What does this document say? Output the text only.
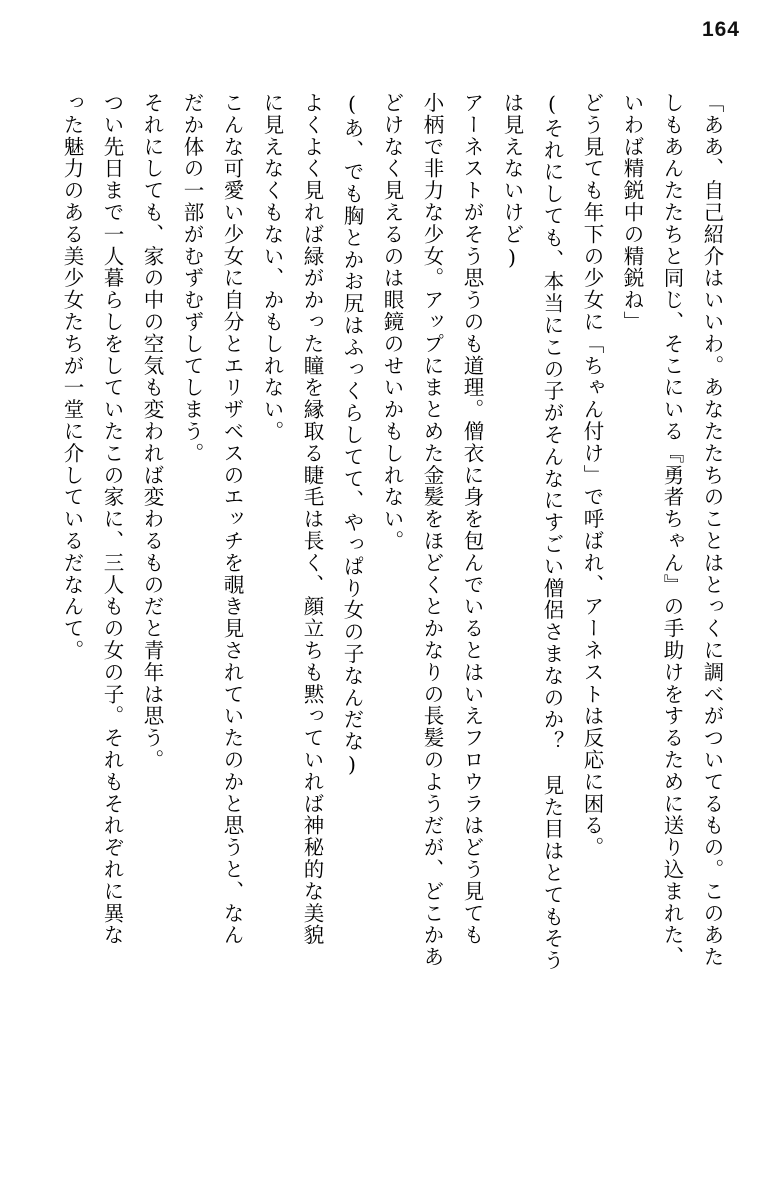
164
「ああ、自己紹介はいいわ。あなたたちのことはとっくに調べがついてるもの。このあた
しもあんたたちと同じ、そこにいる『勇者ちゃん』の手助けをするために送り込まれた、
いわば精鋭中の精鋭ね」
どう見ても年下の少女に「ちゃん付け」で呼ばれ、アーネストは反応に困る。
(それにしても、本当にこの子がそんなにすごい僧侶さまなのか？　見た目はとてもそう
は見えないけど)
アーネストがそう思うのも道理。僧衣に身を包んでいるとはいえフロウラはどう見ても
小柄で非力な少女。アップにまとめた金髪をほどくとかなりの長髪のようだが、どこかあ
どけなく見えるのは眼鏡のせいかもしれない。
(あ、でも胸とかお尻はふっくらしてて、やっぱり女の子なんだな)
よくよく見れば緑がかった瞳を縁取る睫毛は長く、顔立ちも黙っていれば神秘的な美貌
に見えなくもない、かもしれない。
こんな可愛い少女に自分とエリザベスのエッチを覗き見されていたのかと思うと、なん
だか体の一部がむずむずしてしまう。
それにしても、家の中の空気も変われば変わるものだと青年は思う。
つい先日まで一人暮らしをしていたこの家に、三人もの女の子。それもそれぞれに異な
った魅力のある美少女たちが一堂に介しているだなんて。
